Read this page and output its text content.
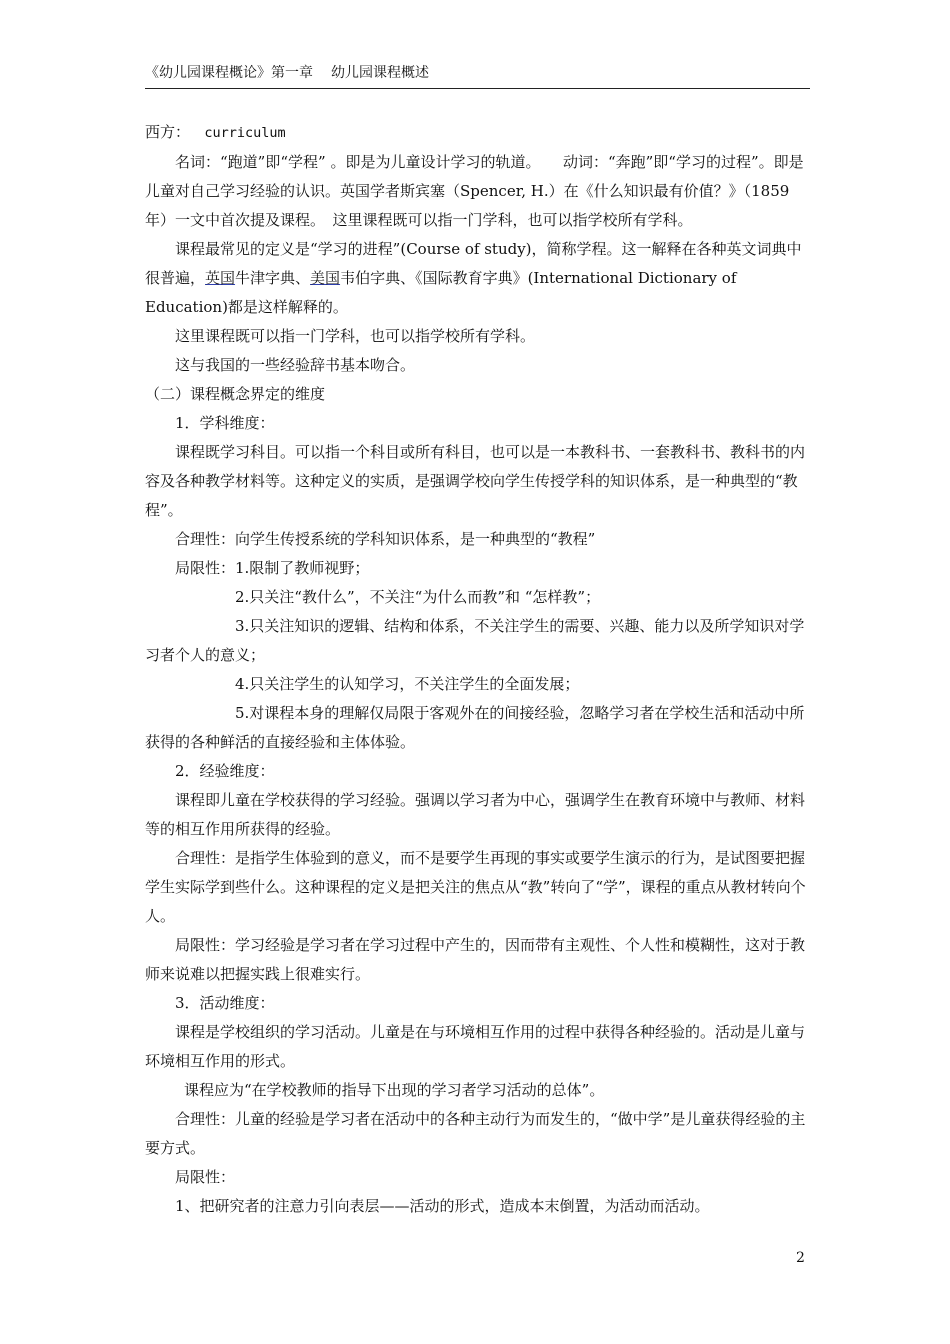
《幼儿园课程概论》第一章 幼儿园课程概述

西方： curriculum

名词：“跑道”即“学程” 。即是为儿童设计学习的轨道。　　动词：“奔跑”即“学习的过程”。即是儿童对自己学习经验的认识。英国学者斯宾塞（Spencer, H.）在《什么知识最有价值？》（1859 年）一文中首次提及课程。　这里课程既可以指一门学科，也可以指学校所有学科。

课程最常见的定义是“学习的进程”(Course of study)，简称学程。这一解释在各种英文词典中很普遍，英国牛津字典、美国韦伯字典、《国际教育字典》(International Dictionary of Education)都是这样解释的。

这里课程既可以指一门学科，也可以指学校所有学科。

这与我国的一些经验辞书基本吻合。

（二）课程概念界定的维度

1．学科维度：

课程既学习科目。可以指一个科目或所有科目，也可以是一本教科书、一套教科书、教科书的内容及各种教学材料等。这种定义的实质，是强调学校向学生传授学科的知识体系，是一种典型的“教程”。

合理性：向学生传授系统的学科知识体系，是一种典型的“教程”

局限性：1.限制了教师视野；

2.只关注“教什么”，不关注“为什么而教”和 “怎样教”；

3.只关注知识的逻辑、结构和体系，不关注学生的需要、兴趣、能力以及所学知识对学习者个人的意义；

4.只关注学生的认知学习，不关注学生的全面发展；

5.对课程本身的理解仅局限于客观外在的间接经验，忽略学习者在学校生活和活动中所获得的各种鲜活的直接经验和主体体验。

2．经验维度：

课程即儿童在学校获得的学习经验。强调以学习者为中心，强调学生在教育环境中与教师、材料等的相互作用所获得的经验。

合理性：是指学生体验到的意义，而不是要学生再现的事实或要学生演示的行为，是试图要把握学生实际学到些什么。这种课程的定义是把关注的焦点从“教”转向了“学”，课程的重点从教材转向个人。

局限性：学习经验是学习者在学习过程中产生的，因而带有主观性、个人性和模糊性，这对于教师来说难以把握实践上很难实行。

3．活动维度：

课程是学校组织的学习活动。儿童是在与环境相互作用的过程中获得各种经验的。活动是儿童与环境相互作用的形式。

课程应为“在学校教师的指导下出现的学习者学习活动的总体”。

合理性：儿童的经验是学习者在活动中的各种主动行为而发生的，“做中学”是儿童获得经验的主要方式。

局限性：

1、把研究者的注意力引向表层——活动的形式，造成本末倒置，为活动而活动。

2
